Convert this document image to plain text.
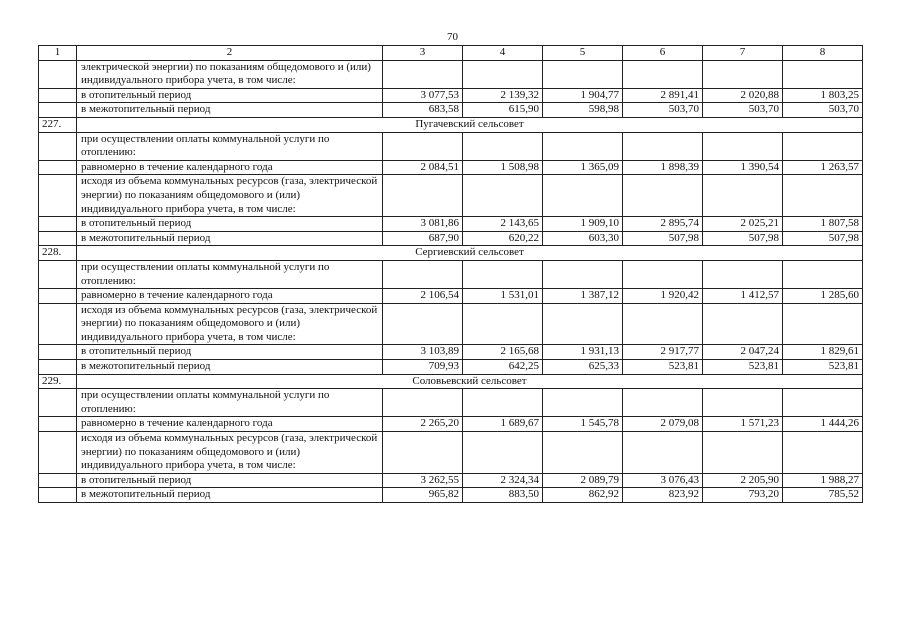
70
1	2	3	4	5	6	7	8
	электрической энергии) по показаниям общедомового и (или) индивидуального прибора учета, в том числе:						
	в отопительный период	3 077,53	2 139,32	1 904,77	2 891,41	2 020,88	1 803,25
	в межотопительный период	683,58	615,90	598,98	503,70	503,70	503,70
227.	Пугачевский сельсовет						
	при осуществлении оплаты коммунальной услуги по отоплению:						
	равномерно в течение календарного года	2 084,51	1 508,98	1 365,09	1 898,39	1 390,54	1 263,57
	исходя из объема коммунальных ресурсов (газа, электрической энергии) по показаниям общедомового и (или) индивидуального прибора учета, в том числе:						
	в отопительный период	3 081,86	2 143,65	1 909,10	2 895,74	2 025,21	1 807,58
	в межотопительный период	687,90	620,22	603,30	507,98	507,98	507,98
228.	Сергиевский сельсовет						
	при осуществлении оплаты коммунальной услуги по отоплению:						
	равномерно в течение календарного года	2 106,54	1 531,01	1 387,12	1 920,42	1 412,57	1 285,60
	исходя из объема коммунальных ресурсов (газа, электрической энергии) по показаниям общедомового и (или) индивидуального прибора учета, в том числе:						
	в отопительный период	3 103,89	2 165,68	1 931,13	2 917,77	2 047,24	1 829,61
	в межотопительный период	709,93	642,25	625,33	523,81	523,81	523,81
229.	Соловьевский сельсовет						
	при осуществлении оплаты коммунальной услуги по отоплению:						
	равномерно в течение календарного года	2 265,20	1 689,67	1 545,78	2 079,08	1 571,23	1 444,26
	исходя из объема коммунальных ресурсов (газа, электрической энергии) по показаниям общедомового и (или) индивидуального прибора учета, в том числе:						
	в отопительный период	3 262,55	2 324,34	2 089,79	3 076,43	2 205,90	1 988,27
	в межотопительный период	965,82	883,50	862,92	823,92	793,20	785,52
